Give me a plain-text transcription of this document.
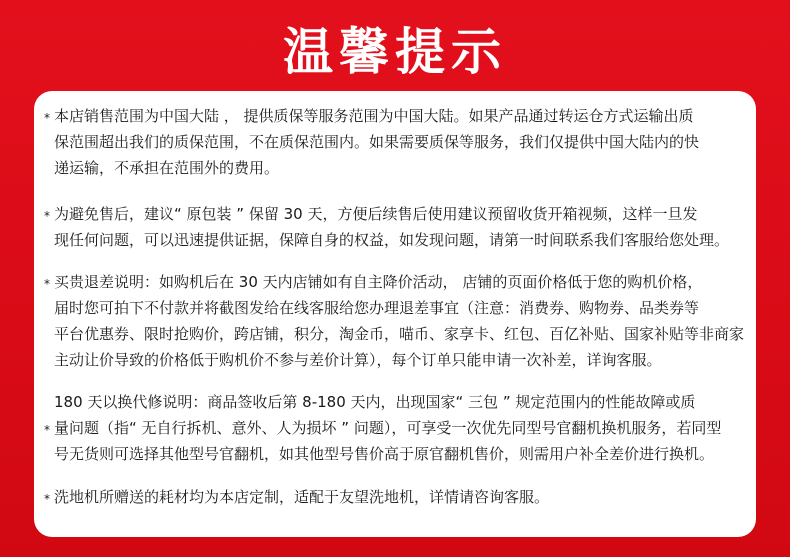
温馨提示
* 本店销售范围为中国大陆 ， 提供质保等服务范围为中国大陆。如果产品通过转运仓方式运输出质
保范围超出我们的质保范围，不在质保范围内。如果需要质保等服务，我们仅提供中国大陆内的快
递运输，不承担在范围外的费用。
* 为避免售后，建议“ 原包装 ” 保留 30 天，方便后续售后使用建议预留收货开箱视频，这样一旦发
现任何问题，可以迅速提供证据，保障自身的权益，如发现问题，请第一时间联系我们客服给您处理。
* 买贵退差说明：如购机后在 30 天内店铺如有自主降价活动， 店铺的页面价格低于您的购机价格，
届时您可拍下不付款并将截图发给在线客服给您办理退差事宜（注意：消费券、购物券、品类券等
平台优惠券、限时抢购价，跨店铺，积分，淘金币，喵币、家享卡、红包、百亿补贴、国家补贴等非商家
主动让价导致的价格低于购机价不参与差价计算），每个订单只能申请一次补差，详询客服。
*
180 天以换代修说明：商品签收后第 8-180 天内，出现国家“ 三包 ” 规定范围内的性能故障或质
量问题（指“ 无自行拆机、意外、人为损坏 ” 问题），可享受一次优先同型号官翻机换机服务，若同型
号无货则可选择其他型号官翻机，如其他型号售价高于原官翻机售价，则需用户补全差价进行换机。
* 洗地机所赠送的耗材均为本店定制，适配于友望洗地机，详情请咨询客服。
